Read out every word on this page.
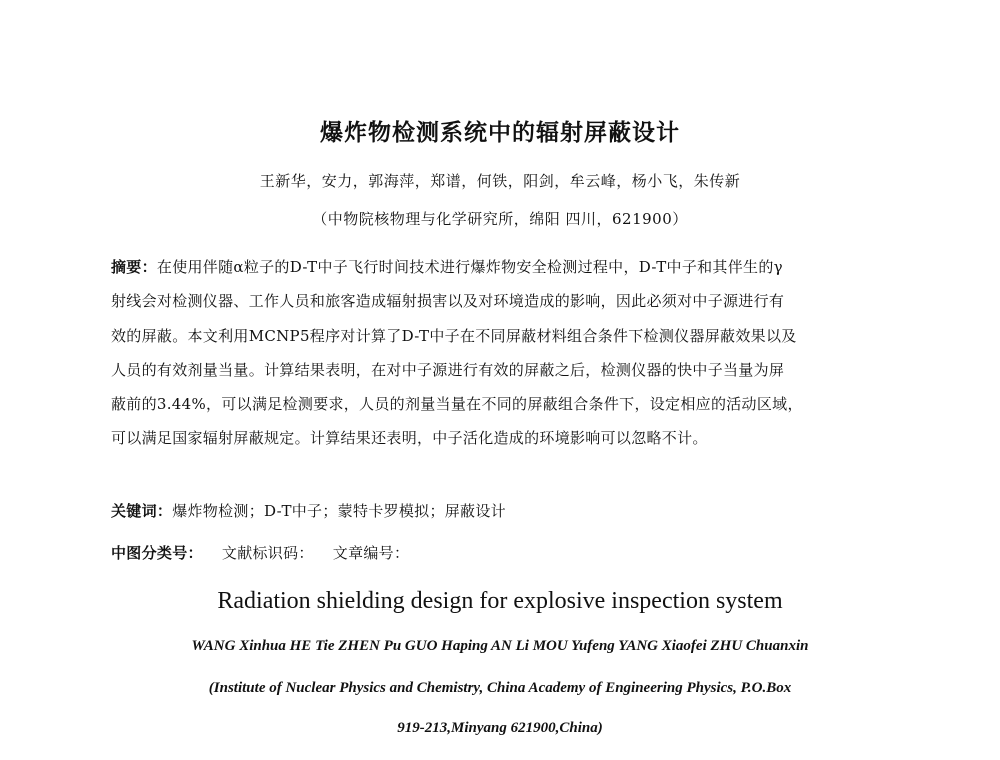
爆炸物检测系统中的辐射屏蔽设计
王新华，安力，郭海萍，郑谱，何铁，阳剑，牟云峰，杨小飞，朱传新
（中物院核物理与化学研究所，绵阳 四川，621900）
摘要：在使用伴随α粒子的D-T中子飞行时间技术进行爆炸物安全检测过程中，D-T中子和其伴生的γ
射线会对检测仪器、工作人员和旅客造成辐射损害以及对环境造成的影响，因此必须对中子源进行有
效的屏蔽。本文利用MCNP5程序对计算了D-T中子在不同屏蔽材料组合条件下检测仪器屏蔽效果以及
人员的有效剂量当量。计算结果表明，在对中子源进行有效的屏蔽之后，检测仪器的快中子当量为屏
蔽前的3.44%，可以满足检测要求，人员的剂量当量在不同的屏蔽组合条件下，设定相应的活动区域，
可以满足国家辐射屏蔽规定。计算结果还表明，中子活化造成的环境影响可以忽略不计。
关键词：爆炸物检测；D-T中子；蒙特卡罗模拟；屏蔽设计
中图分类号： 文献标识码： 文章编号：
Radiation shielding design for explosive inspection system
WANG Xinhua HE Tie ZHEN Pu GUO Haping AN Li MOU Yufeng YANG Xiaofei ZHU Chuanxin
(Institute of Nuclear Physics and Chemistry, China Academy of Engineering Physics, P.O.Box
919-213,Minyang 621900,China)
